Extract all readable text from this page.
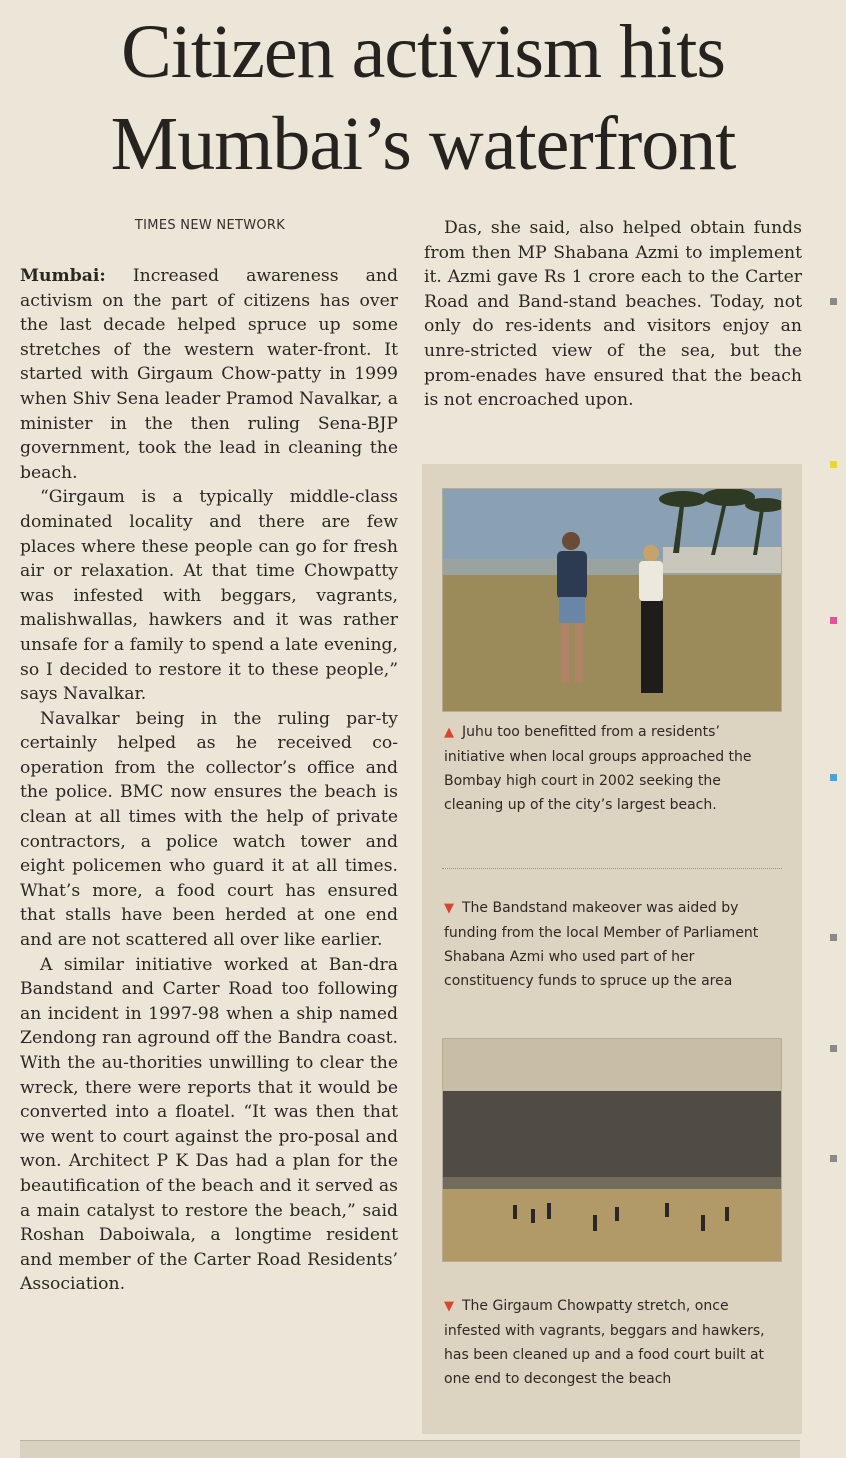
Citizen activism hits
Mumbai’s waterfront
TIMES NEW NETWORK

Mumbai: Increased awareness and activism on the part of citizens has over the last decade helped spruce up some stretches of the western water-front. It started with Girgaum Chow-patty in 1999 when Shiv Sena leader Pramod Navalkar, a minister in the then ruling Sena-BJP government, took the lead in cleaning the beach.

“Girgaum is a typically middle-class dominated locality and there are few places where these people can go for fresh air or relaxation. At that time Chowpatty was infested with beggars, vagrants, malishwallas, hawkers and it was rather unsafe for a family to spend a late evening, so I decided to restore it to these people,” says Navalkar.

Navalkar being in the ruling par-ty certainly helped as he received co-operation from the collector’s office and the police. BMC now ensures the beach is clean at all times with the help of private contractors, a police watch tower and eight policemen who guard it at all times. What’s more, a food court has ensured that stalls have been herded at one end and are not scattered all over like earlier.

A similar initiative worked at Ban-dra Bandstand and Carter Road too following an incident in 1997-98 when a ship named Zendong ran aground off the Bandra coast. With the au-thorities unwilling to clear the wreck, there were reports that it would be converted into a floatel. “It was then that we went to court against the pro-posal and won. Architect P K Das had a plan for the beautification of the beach and it served as a main catalyst to restore the beach,” said Roshan Daboiwala, a longtime resident and member of the Carter Road Residents’ Association.

Das, she said, also helped obtain funds from then MP Shabana Azmi to implement it. Azmi gave Rs 1 crore each to the Carter Road and Band-stand beaches. Today, not only do res-idents and visitors enjoy an unre-stricted view of the sea, but the prom-enades have ensured that the beach is not encroached upon.

▲ Juhu too benefitted from a residents’ initiative when local groups approached the Bombay high court in 2002 seeking the cleaning up of the city’s largest beach.
▼ The Bandstand makeover was aided by funding from the local Member of Parliament Shabana Azmi who used part of her constituency funds to spruce up the area
▼ The Girgaum Chowpatty stretch, once infested with vagrants, beggars and hawkers, has been cleaned up and a food court built at one end to decongest the beach
